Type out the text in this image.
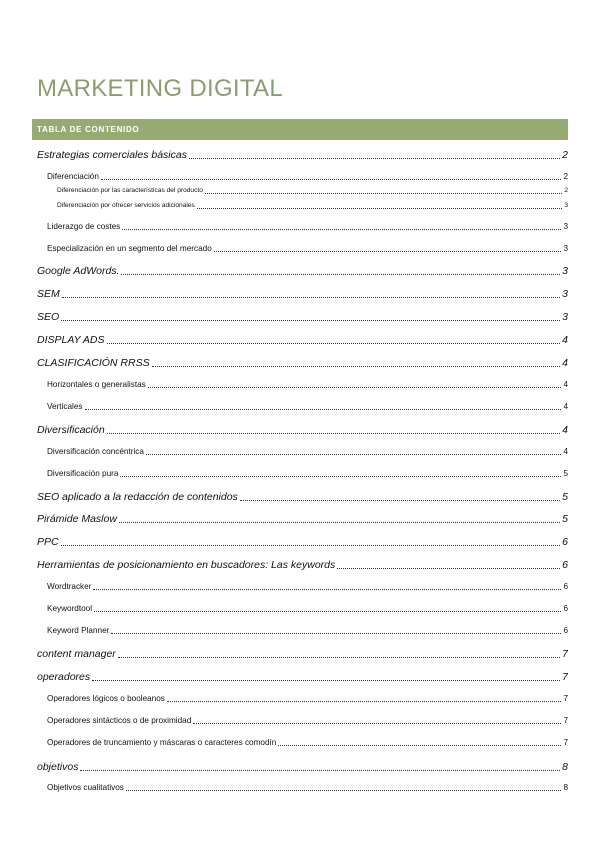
MARKETING DIGITAL
TABLA DE CONTENIDO
Estrategias comerciales básicas	2
Diferenciación	2
Diferenciación por las características del producto	2
Diferenciación por ofrecer servicios adicionales	3
Liderazgo de costes	3
Especialización en un segmento del mercado	3
Google AdWords.	3
SEM	3
SEO	3
DISPLAY ADS	4
CLASIFICACIÓN RRSS	4
Horizontales o generalistas	4
Verticales	4
Diversificación	4
Diversificación concéntrica	4
Diversificación pura	5
SEO aplicado a la redacción de contenidos	5
Pirámide Maslow	5
PPC	6
Herramientas de posicionamiento en buscadores: Las keywords	6
Wordtracker	6
Keywordtool	6
Keyword Planner	6
content manager	7
operadores	7
Operadores lógicos o booleanos	7
Operadores sintácticos o de proximidad	7
Operadores de truncamiento y máscaras o caracteres comodín	7
objetivos	8
Objetivos cualitativos	8
